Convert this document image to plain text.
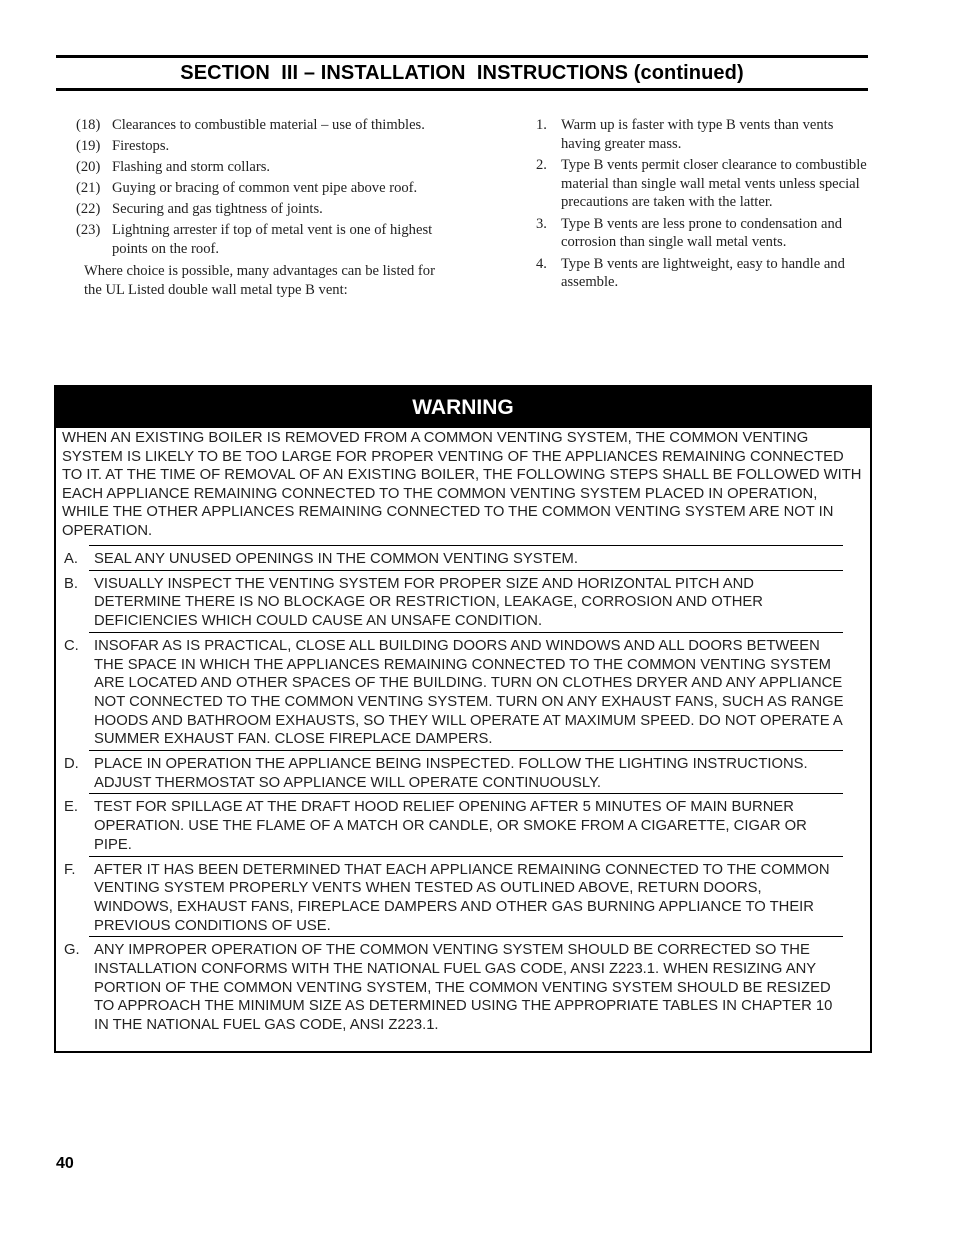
SECTION  III – INSTALLATION  INSTRUCTIONS (continued)
(18) Clearances to combustible material – use of thimbles.
(19) Firestops.
(20) Flashing and storm collars.
(21) Guying or bracing of common vent pipe above roof.
(22) Securing and gas tightness of joints.
(23) Lightning arrester if top of metal vent is one of highest points on the roof.
Where choice is possible, many advantages can be listed for the UL Listed double wall metal type B vent:
1. Warm up is faster with type B vents than vents having greater mass.
2. Type B vents permit closer clearance to combustible material than single wall metal vents unless special precautions are taken with the latter.
3. Type B vents are less prone to condensation and corrosion than single wall metal vents.
4. Type B vents are lightweight, easy to handle and assemble.
WARNING
WHEN AN EXISTING BOILER IS REMOVED FROM A COMMON VENTING SYSTEM, THE COMMON VENTING SYSTEM IS LIKELY TO BE TOO LARGE FOR PROPER VENTING OF THE APPLIANCES REMAINING CONNECTED TO IT. AT THE TIME OF REMOVAL OF AN EXISTING BOILER, THE FOLLOWING STEPS SHALL BE FOLLOWED WITH EACH APPLIANCE REMAINING CONNECTED TO THE COMMON VENTING SYSTEM PLACED IN OPERATION, WHILE THE OTHER APPLIANCES REMAINING CONNECTED TO THE COMMON VENTING SYSTEM ARE NOT IN OPERATION.
A.	SEAL ANY UNUSED OPENINGS IN THE COMMON VENTING SYSTEM.
B.	VISUALLY INSPECT THE VENTING SYSTEM FOR PROPER SIZE AND HORIZONTAL PITCH AND DETERMINE THERE IS NO BLOCKAGE OR RESTRICTION, LEAKAGE, CORROSION AND OTHER DEFICIENCIES WHICH COULD CAUSE AN UNSAFE CONDITION.
C.	INSOFAR AS IS PRACTICAL, CLOSE ALL BUILDING DOORS AND WINDOWS AND ALL DOORS BETWEEN THE SPACE IN WHICH THE APPLIANCES REMAINING CONNECTED TO THE COMMON VENTING SYSTEM ARE LOCATED AND OTHER SPACES OF THE BUILDING. TURN ON CLOTHES DRYER AND ANY APPLIANCE NOT CONNECTED TO THE COMMON VENTING SYSTEM. TURN ON ANY EXHAUST FANS, SUCH AS RANGE HOODS AND BATHROOM EXHAUSTS, SO THEY WILL OPERATE AT MAXIMUM SPEED. DO NOT OPERATE A SUMMER EXHAUST FAN. CLOSE FIREPLACE DAMPERS.
D.	PLACE IN OPERATION THE APPLIANCE BEING INSPECTED. FOLLOW THE LIGHTING INSTRUCTIONS. ADJUST THERMOSTAT SO APPLIANCE WILL OPERATE CONTINUOUSLY.
E.	TEST FOR SPILLAGE AT THE DRAFT HOOD RELIEF OPENING AFTER 5 MINUTES OF MAIN BURNER OPERATION. USE THE FLAME OF A MATCH OR CANDLE, OR SMOKE FROM A CIGARETTE, CIGAR OR PIPE.
F.	AFTER IT HAS BEEN DETERMINED THAT EACH APPLIANCE REMAINING CONNECTED TO THE COMMON VENTING SYSTEM PROPERLY VENTS WHEN TESTED AS OUTLINED ABOVE, RETURN DOORS, WINDOWS, EXHAUST FANS, FIREPLACE DAMPERS AND OTHER GAS BURNING APPLIANCE TO THEIR PREVIOUS CONDITIONS OF USE.
G. ANY IMPROPER OPERATION OF THE COMMON VENTING SYSTEM SHOULD BE CORRECTED SO THE INSTALLATION CONFORMS WITH THE NATIONAL FUEL GAS CODE, ANSI Z223.1. WHEN RESIZING ANY PORTION OF THE COMMON VENTING SYSTEM, THE COMMON VENTING SYSTEM SHOULD BE RESIZED TO APPROACH THE MINIMUM SIZE AS DETERMINED USING THE APPROPRIATE TABLES IN CHAPTER 10 IN THE NATIONAL FUEL GAS CODE, ANSI Z223.1.
40
